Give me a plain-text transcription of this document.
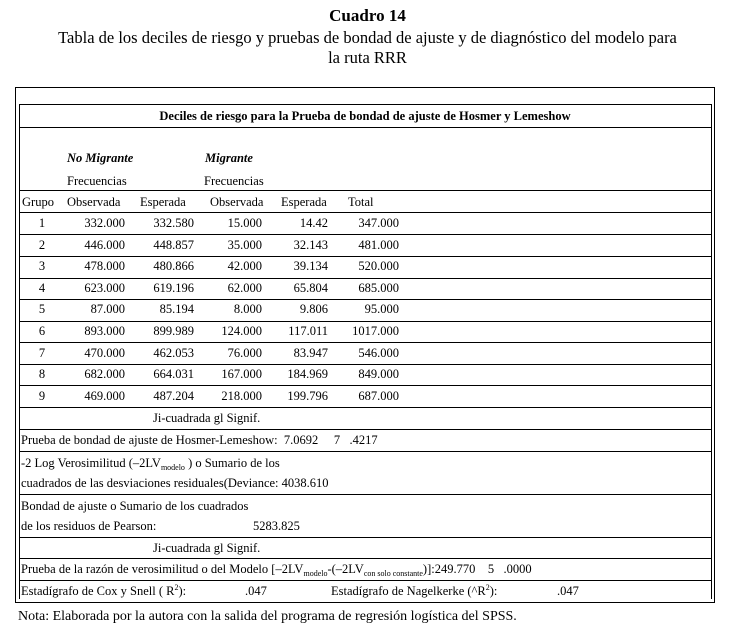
Cuadro 14
Tabla de los deciles de riesgo y pruebas de bondad de ajuste y de diagnóstico del modelo para
la ruta RRR
Deciles de riesgo para la Prueba de bondad de ajuste de Hosmer y Lemeshow
No Migrante	Migrante
Frecuencias	Frecuencias
Grupo Observada Esperada Observada Esperada Total
1	332.000	332.580	15.000	14.42	347.000
2	446.000	448.857	35.000	32.143	481.000
3	478.000	480.866	42.000	39.134	520.000
4	623.000	619.196	62.000	65.804	685.000
5	87.000	85.194	8.000	9.806	95.000
6	893.000	899.989	124.000	117.011	1017.000
7	470.000	462.053	76.000	83.947	546.000
8	682.000	664.031	167.000	184.969	849.000
9	469.000	487.204	218.000	199.796	687.000
Ji-cuadrada gl Signif.
Prueba de bondad de ajuste de Hosmer-Lemeshow: 7.0692 7 .4217
-2 Log Verosimilitud ($-2LV_{modelo}$ ) o Sumario de los
cuadrados de las desviaciones residuales(Deviance: 4038.610
Bondad de ajuste o Sumario de los cuadrados
de los residuos de Pearson:	5283.825
Ji-cuadrada gl Signif.
Prueba de la razón de verosimilitud o del Modelo $[-2LV_{modelo}-(-2LV_{con solo constante})]:249.770$ 5 .0000
Estadígrafo de Cox y Snell ( $R^2$):	.047	Estadígrafo de Nagelkerke $(\^{}R^2)$:	.047
Nota: Elaborada por la autora con la salida del programa de regresión logística del SPSS.
